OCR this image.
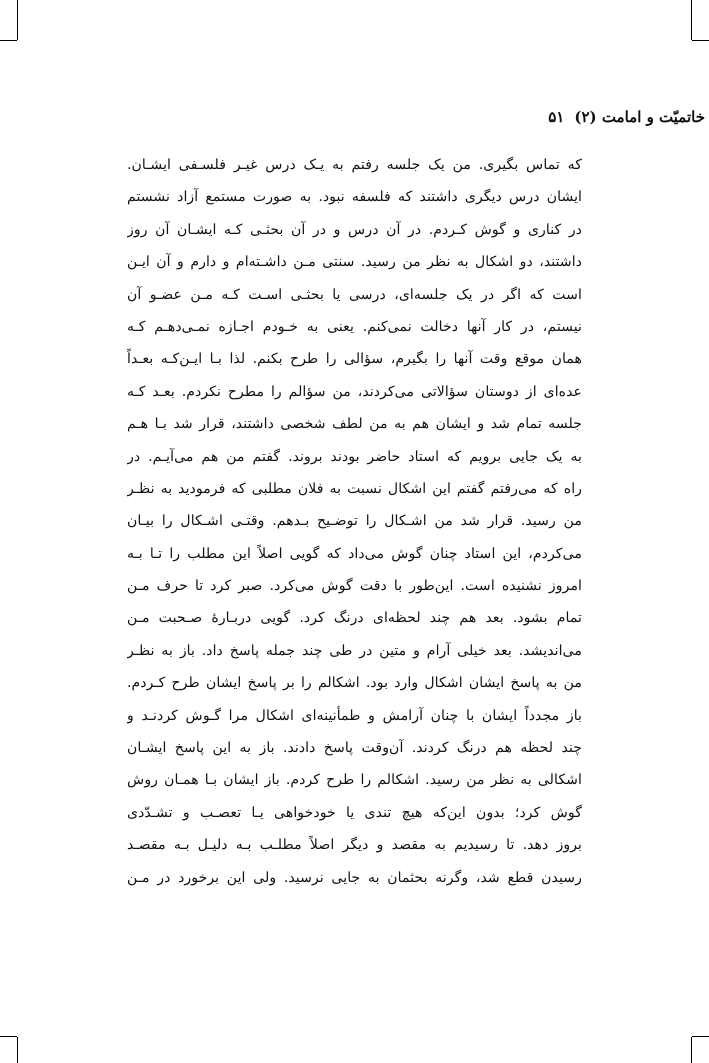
خاتمیّت و امامت (۲)
۵۱
که تماس بگیری. من یک جلسه رفتم به یـک درس غیـر فلسـفی ایشـان.
ایشان درس دیگری داشتند که فلسفه نبود. به صورت مستمع آزاد نشستم
در کناری و گوش کـردم. در آن درس و در آن بحثـی کـه ایشـان آن روز
داشتند، دو اشکال به نظر من رسید. سنتی مـن داشـته‌ام و دارم و آن ایـن
است که اگر در یک جلسه‌ای، درسی یا بحثـی اسـت کـه مـن عضـو آن
نیستم، در کار آنها دخالت نمی‌کنم. یعنی به خـودم اجـازه نمـی‌دهـم کـه
همان موقع وقت آنها را بگیرم، سؤالی را طرح بکنم. لذا بـا ایـن‌کـه بعـداً
عده‌ای از دوستان سؤالاتی می‌کردند، من سؤالم را مطرح نکردم. بعـد کـه
جلسه تمام شد و ایشان هم به من لطف شخصی داشتند، قرار شد بـا هـم
به یک جایی برویم که استاد حاضر بودند بروند. گفتم من هم می‌آیـم. در
راه که می‌رفتم گفتم این اشکال نسبت به فلان مطلبی که فرمودید به نظـر
من رسید. قرار شد من اشـکال را توضـیح بـدهم. وقتـی اشـکال را بیـان
می‌کردم، این استاد چنان گوش می‌داد که گویی اصلاً این مطلب را تـا بـه
امروز نشنیده است. این‌طور با دقت گوش می‌کرد. صبر کرد تا حرف مـن
تمام بشود. بعد هم چند لحظه‌ای درنگ کرد. گویی دربـارۀ صـحبت مـن
می‌اندیشد. بعد خیلی آرام و متین در طی چند جمله پاسخ داد. باز به نظـر
من به پاسخ ایشان اشکال وارد بود. اشکالم را بر پاسخ ایشان طرح کـردم.
باز مجدداً ایشان با چنان آرامش و طمأنینه‌ای اشکال مرا گـوش کردنـد و
چند لحظه هم درنگ کردند. آن‌وقت پاسخ دادند. باز به این پاسخ ایشـان
اشکالی به نظر من رسید. اشکالم را طرح کردم. باز ایشان بـا همـان روش
گوش کرد؛ بدون این‌که هیچ تندی یا خودخواهی یـا تعصـب و تشـدّدی
بروز دهد. تا رسیدیم به مقصد و دیگر اصلاً مطلـب بـه دلیـل بـه مقصـد
رسیدن قطع شد، وگرنه بحثمان به جایی نرسید. ولی این برخورد در مـن
